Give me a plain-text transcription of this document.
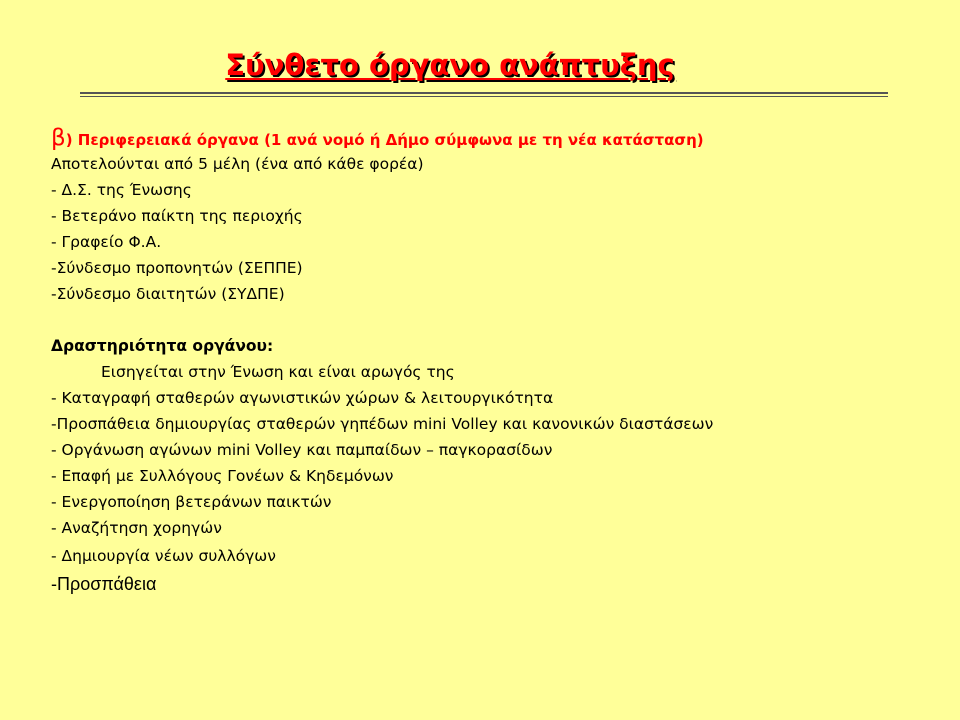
Σύνθετο όργανο ανάπτυξης
β) Περιφερειακά όργανα (1 ανά νομό ή Δήμο σύμφωνα με τη νέα κατάσταση)
Αποτελούνται από 5 μέλη (ένα από κάθε φορέα)
- Δ.Σ. της Ένωσης
- Βετεράνο παίκτη της περιοχής
- Γραφείο Φ.Α.
-Σύνδεσμο προπονητών (ΣΕΠΠΕ)
-Σύνδεσμο διαιτητών (ΣΥΔΠΕ)
Δραστηριότητα οργάνου:
Εισηγείται στην Ένωση και είναι αρωγός της
- Καταγραφή σταθερών αγωνιστικών χώρων & λειτουργικότητα
-Προσπάθεια δημιουργίας σταθερών γηπέδων mini Volley και κανονικών διαστάσεων
- Οργάνωση αγώνων mini Volley και παμπαίδων – παγκορασίδων
- Επαφή με Συλλόγους Γονέων & Κηδεμόνων
- Ενεργοποίηση βετεράνων παικτών
- Αναζήτηση χορηγών
- Δημιουργία νέων συλλόγων
-Προσπάθεια
